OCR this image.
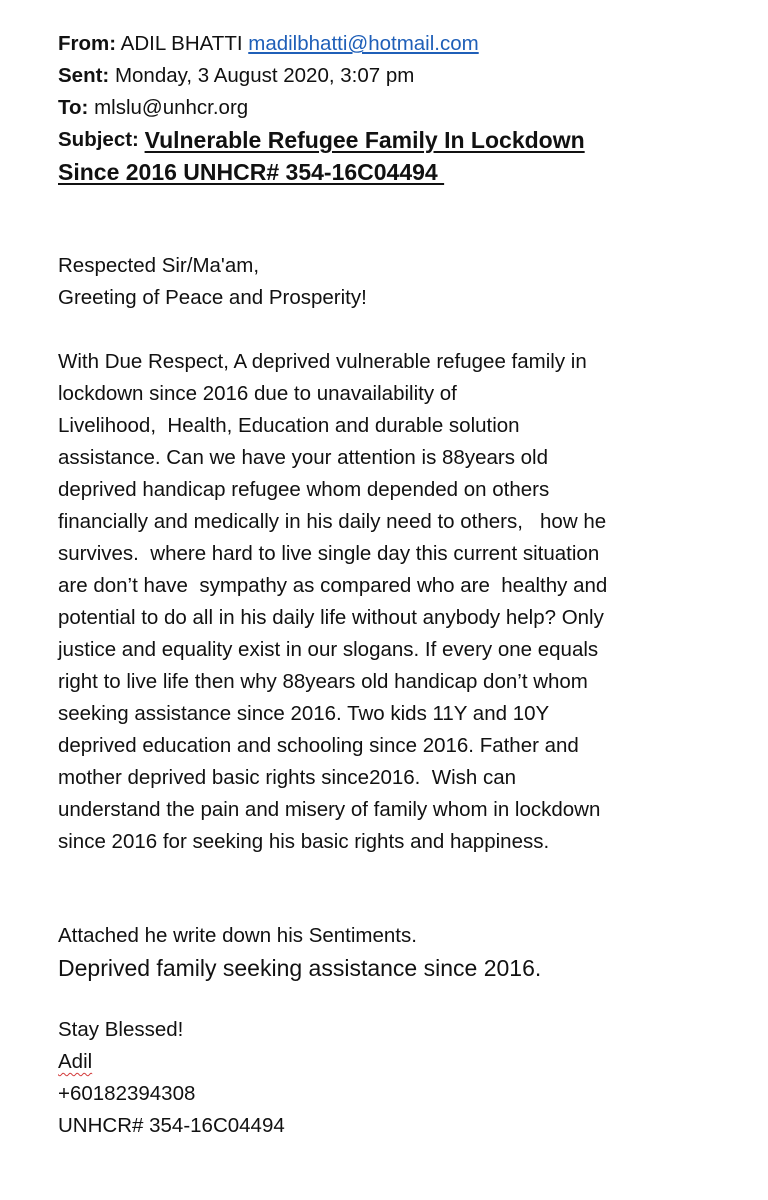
From: ADIL BHATTI madilbhatti@hotmail.com
Sent: Monday, 3 August 2020, 3:07 pm
To: mlslu@unhcr.org
Subject:
Vulnerable Refugee Family In Lockdown
Since 2016 UNHCR# 354-16C04494
Respected Sir/Ma'am,
Greeting of Peace and Prosperity!
With Due Respect, A deprived vulnerable refugee family in
lockdown since 2016 due to unavailability of
Livelihood,  Health, Education and durable solution
assistance. Can we have your attention is 88years old
deprived handicap refugee whom depended on others
financially and medically in his daily need to others,   how he
survives.  where hard to live single day this current situation
are don’t have  sympathy as compared who are  healthy and
potential to do all in his daily life without anybody help? Only
justice and equality exist in our slogans. If every one equals
right to live life then why 88years old handicap don’t whom
seeking assistance since 2016. Two kids 11Y and 10Y
deprived education and schooling since 2016. Father and
mother deprived basic rights since2016.  Wish can
understand the pain and misery of family whom in lockdown
since 2016 for seeking his basic rights and happiness.
Attached he write down his Sentiments.
Deprived family seeking assistance since 2016.
Stay Blessed!
Adil
+60182394308
UNHCR# 354-16C04494
